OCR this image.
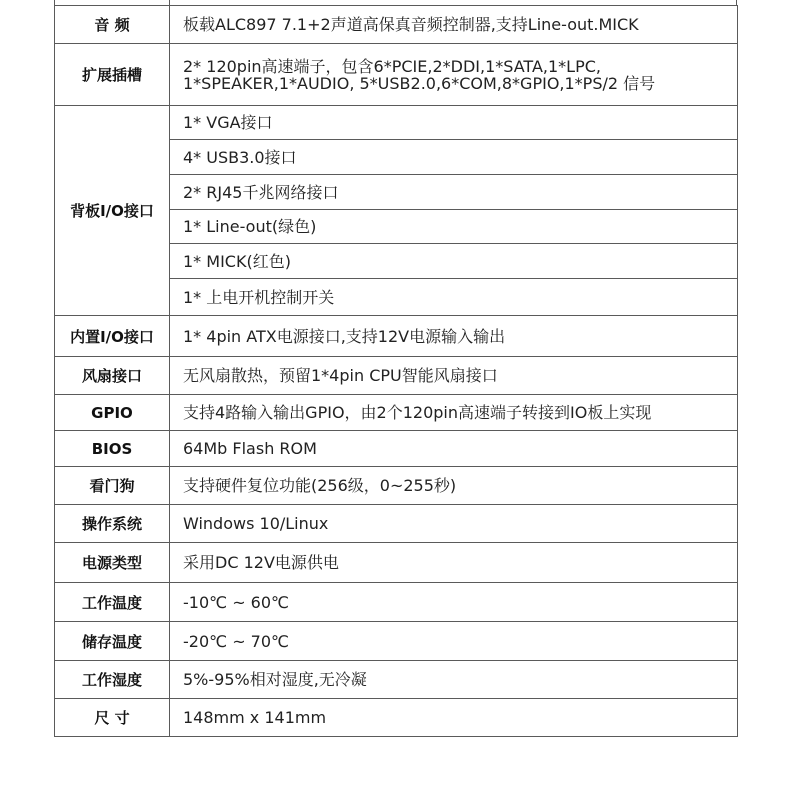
音 频	板载ALC897 7.1+2声道高保真音频控制器,支持Line-out.MICK
扩展插槽	2* 120pin高速端子，包含6*PCIE,2*DDI,1*SATA,1*LPC,
1*SPEAKER,1*AUDIO, 5*USB2.0,6*COM,8*GPIO,1*PS/2 信号

背板I/O接口	1* VGA接口
	4* USB3.0接口
	2* RJ45千兆网络接口
	1* Line-out(绿色)
	1* MICK(红色)
	1* 上电开机控制开关
内置I/O接口	1* 4pin ATX电源接口,支持12V电源输入输出
风扇接口	无风扇散热，预留1*4pin CPU智能风扇接口
GPIO	支持4路输入输出GPIO，由2个120pin高速端子转接到IO板上实现
BIOS	64Mb Flash ROM
看门狗	支持硬件复位功能(256级，0~255秒)
操作系统	Windows 10/Linux
电源类型	采用DC 12V电源供电
工作温度	-10℃ ~ 60℃
储存温度	-20℃ ~ 70℃
工作湿度	5%-95%相对湿度,无冷凝
尺 寸	148mm x 141mm
